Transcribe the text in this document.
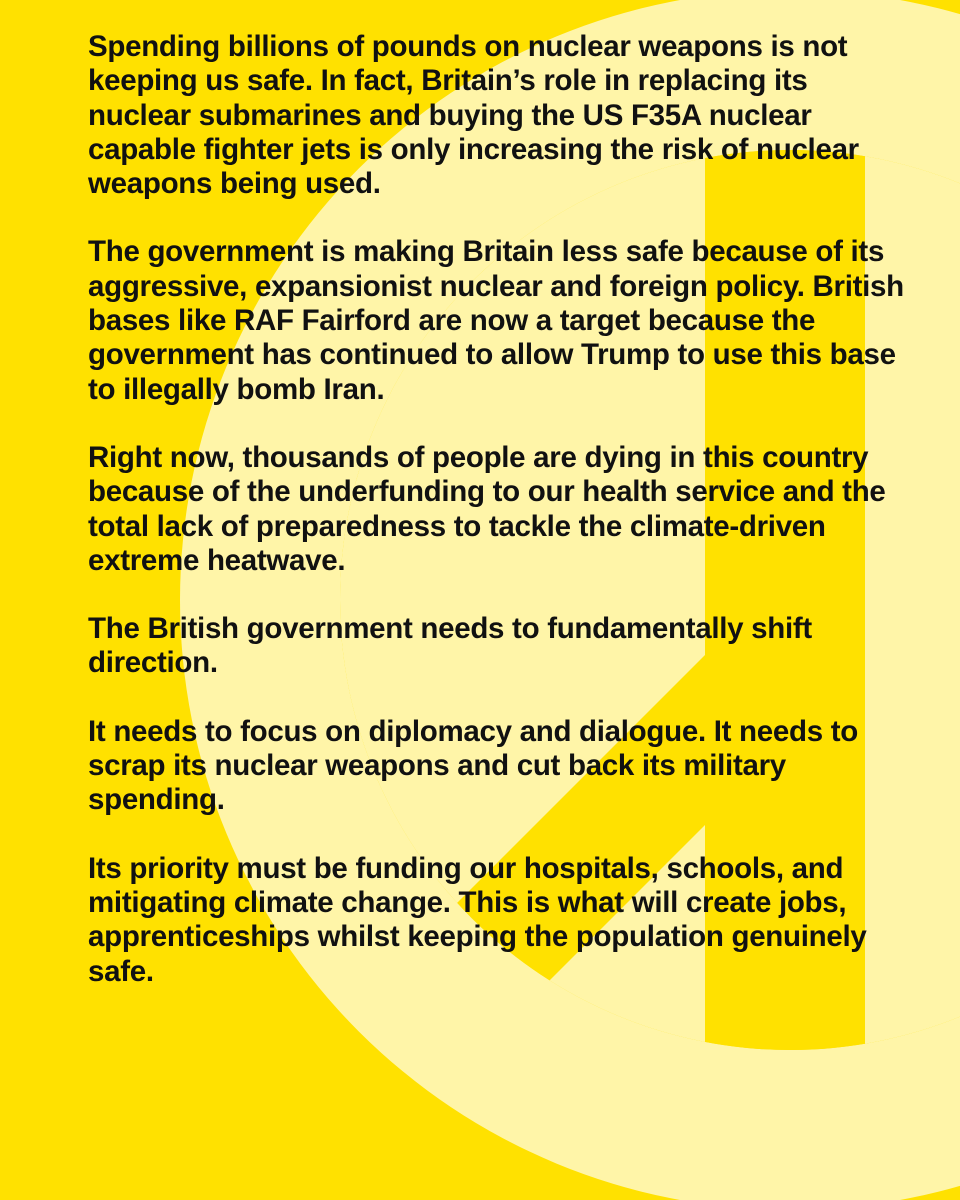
Spending billions of pounds on nuclear weapons is not keeping us safe. In fact, Britain’s role in replacing its nuclear submarines and buying the US F35A nuclear capable fighter jets is only increasing the risk of nuclear weapons being used.

The government is making Britain less safe because of its aggressive, expansionist nuclear and foreign policy. British bases like RAF Fairford are now a target because the government has continued to allow Trump to use this base to illegally bomb Iran.

Right now, thousands of people are dying in this country because of the underfunding to our health service and the total lack of preparedness to tackle the climate-driven extreme heatwave.

The British government needs to fundamentally shift direction.

It needs to focus on diplomacy and dialogue. It needs to scrap its nuclear weapons and cut back its military spending.

Its priority must be funding our hospitals, schools, and mitigating climate change. This is what will create jobs, apprenticeships whilst keeping the population genuinely safe.
